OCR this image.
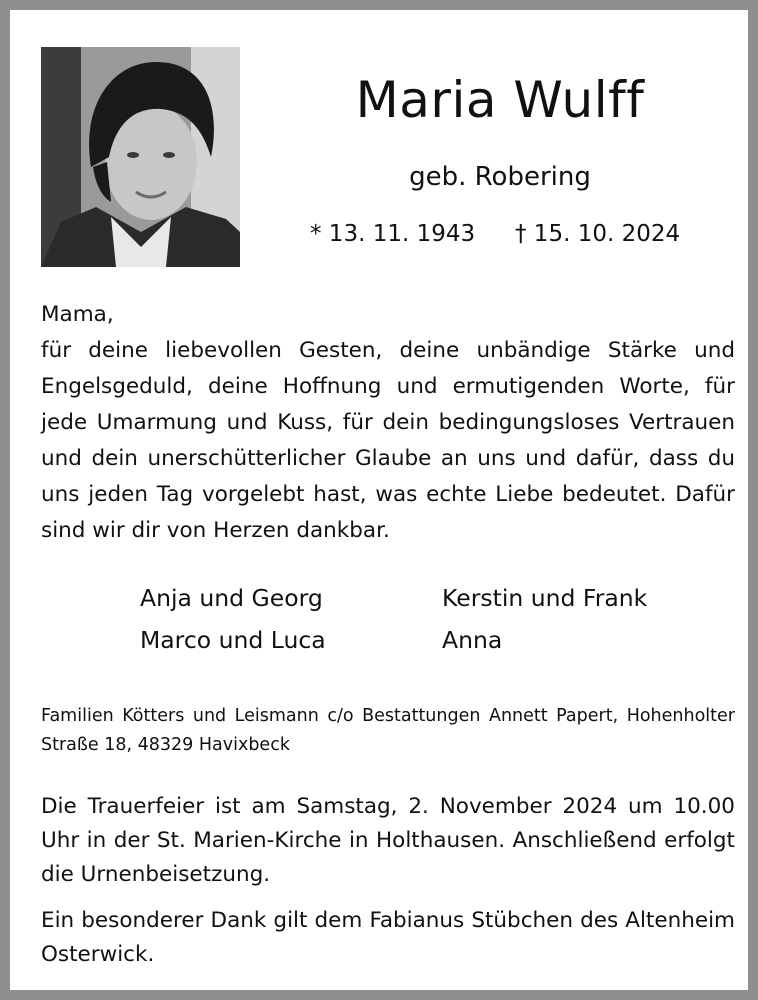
Maria Wulff
geb. Robering
* 13. 11. 1943 † 15. 10. 2024

Mama,

für deine liebevollen Gesten, deine unbändige Stärke und Engelsgeduld, deine Hoffnung und ermutigenden Worte, für jede Umarmung und Kuss, für dein bedingungsloses Vertrauen und dein unerschütterlicher Glaube an uns und dafür, dass du uns jeden Tag vorgelebt hast, was echte Liebe bedeutet. Dafür sind wir dir von Herzen dankbar.

Anja und Georg	Kerstin und Frank
Marco und Luca	Anna
Familien Kötters und Leismann c/o Bestattungen Annett Papert, Hohenholter Straße 18, 48329 Havixbeck
Die Trauerfeier ist am Samstag, 2. November 2024 um 10.00 Uhr in der St. Marien-Kirche in Holthausen. Anschließend erfolgt die Urnenbeisetzung.
Ein besonderer Dank gilt dem Fabianus Stübchen des Altenheim Osterwick.
